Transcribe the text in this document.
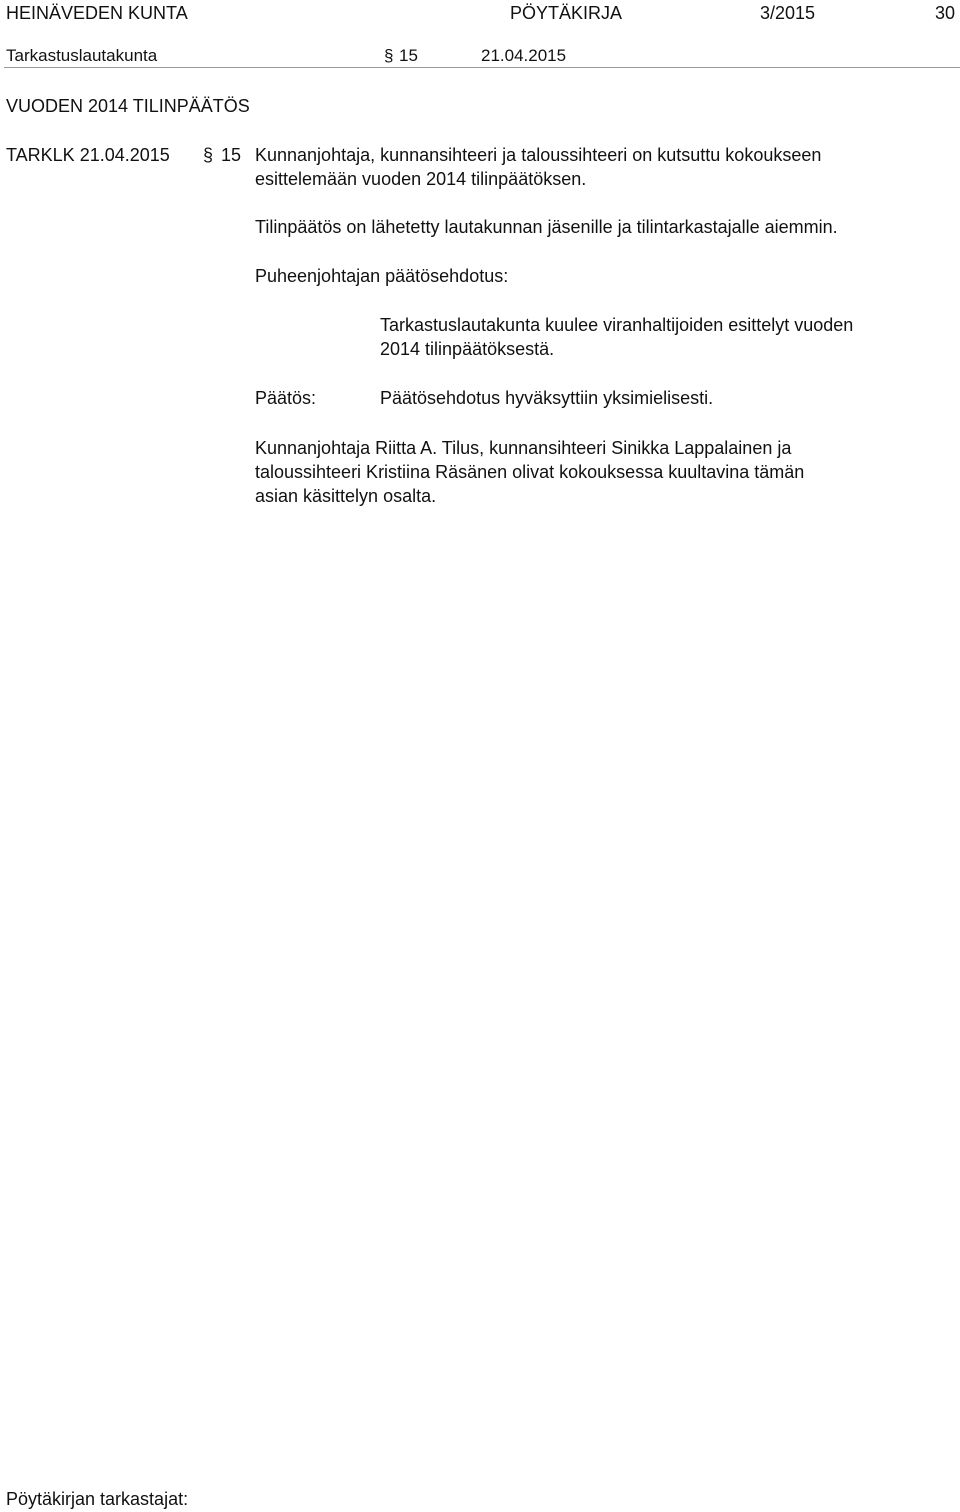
HEINÄVEDEN KUNTA	PÖYTÄKIRJA	3/2015	30
Tarkastuslautakunta	§ 15	21.04.2015
VUODEN 2014 TILINPÄÄTÖS
TARKLK 21.04.2015 § 15 Kunnanjohtaja, kunnansihteeri ja taloussihteeri on kutsuttu kokoukseen
esittelemään vuoden 2014 tilinpäätöksen.
Tilinpäätös on lähetetty lautakunnan jäsenille ja tilintarkastajalle aiemmin.
Puheenjohtajan päätösehdotus:
Tarkastuslautakunta kuulee viranhaltijoiden esittelyt vuoden
2014 tilinpäätöksestä.
Päätös:	Päätösehdotus hyväksyttiin yksimielisesti.
Kunnanjohtaja Riitta A. Tilus, kunnansihteeri Sinikka Lappalainen ja
taloussihteeri Kristiina Räsänen olivat kokouksessa kuultavina tämän
asian käsittelyn osalta.
Pöytäkirjan tarkastajat:
